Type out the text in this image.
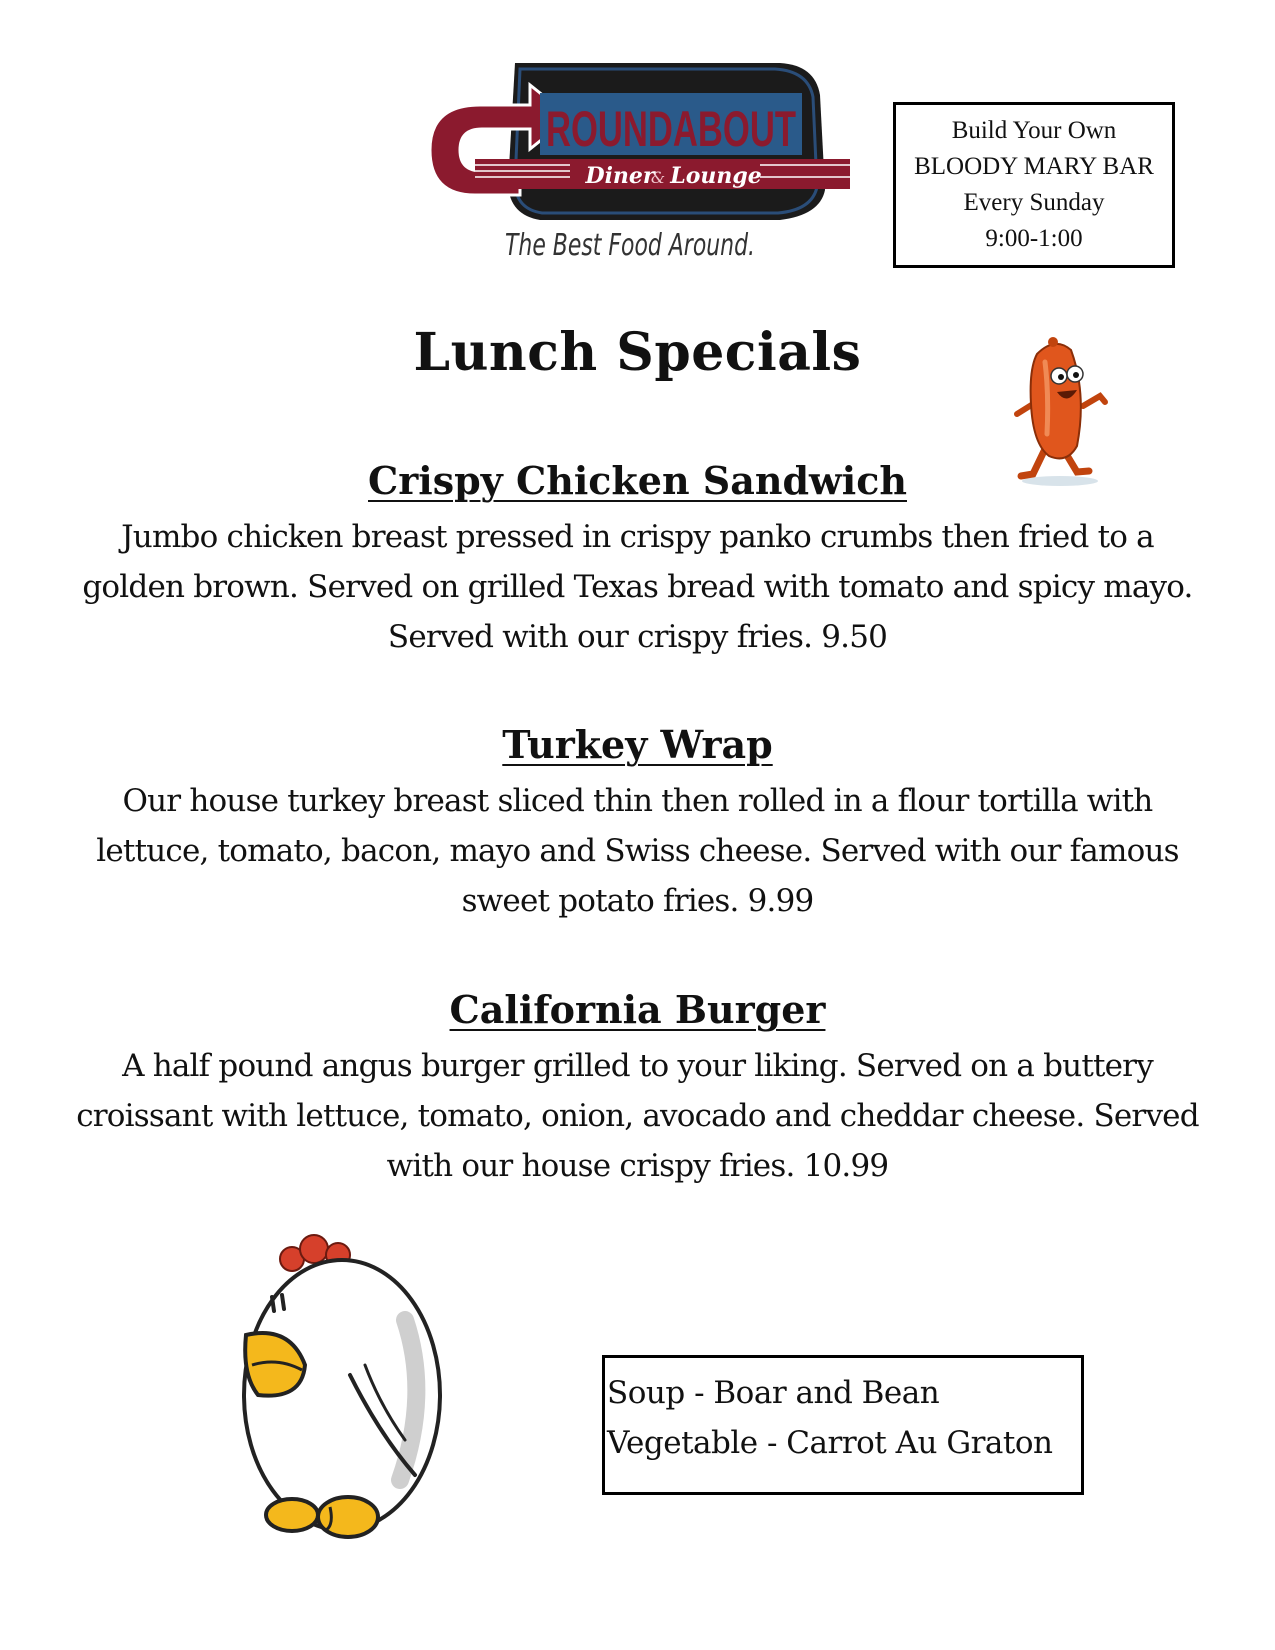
ROUNDABOUT
Diner
& Lounge
The Best Food Around.
Build Your Own
BLOODY MARY BAR
Every Sunday
9:00-1:00
Lunch Specials
Crispy Chicken Sandwich
Jumbo chicken breast pressed in crispy panko crumbs then fried to a golden brown. Served on grilled Texas bread with tomato and spicy mayo. Served with our crispy fries. 9.50
Turkey Wrap
Our house turkey breast sliced thin then rolled in a flour tortilla with lettuce, tomato, bacon, mayo and Swiss cheese. Served with our famous sweet potato fries. 9.99
California Burger
A half pound angus burger grilled to your liking. Served on a buttery croissant with lettuce, tomato, onion, avocado and cheddar cheese. Served with our house crispy fries. 10.99
Soup - Boar and Bean
Vegetable - Carrot Au Graton
